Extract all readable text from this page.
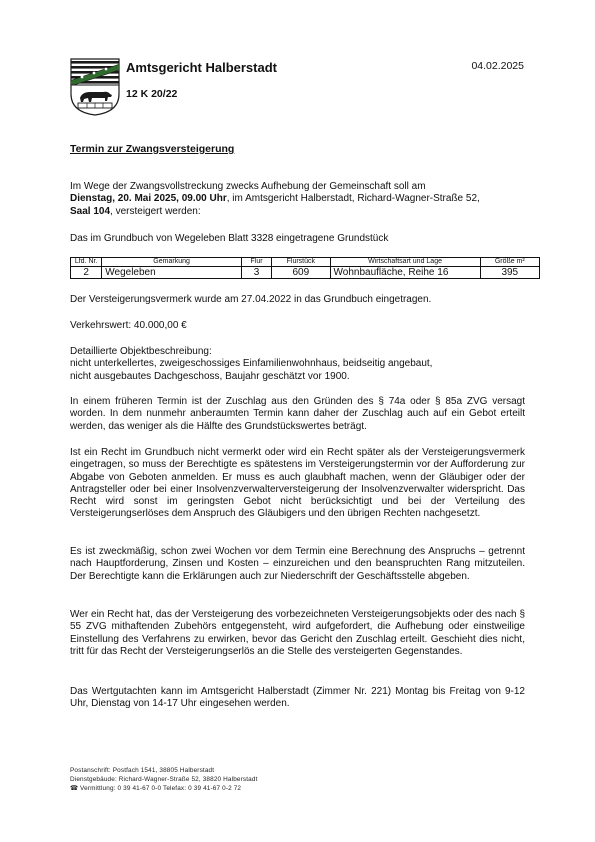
Amtsgericht Halberstadt
12 K 20/22
04.02.2025
Termin zur Zwangsversteigerung
Im Wege der Zwangsvollstreckung zwecks Aufhebung der Gemeinschaft soll am
Dienstag, 20. Mai 2025, 09.00 Uhr, im Amtsgericht Halberstadt, Richard-Wagner-Straße 52,
Saal 104, versteigert werden:
Das im Grundbuch von Wegeleben Blatt 3328 eingetragene Grundstück
Lfd. Nr.	Gemarkung	Flur	Flurstück	Wirtschaftsart und Lage	Größe m²
2	Wegeleben	3	609	Wohnbaufläche, Reihe 16	395
Der Versteigerungsvermerk wurde am 27.04.2022 in das Grundbuch eingetragen.
Verkehrswert: 40.000,00 €
Detaillierte Objektbeschreibung:
nicht unterkellertes, zweigeschossiges Einfamilienwohnhaus, beidseitig angebaut,
nicht ausgebautes Dachgeschoss, Baujahr geschätzt vor 1900.
In einem früheren Termin ist der Zuschlag aus den Gründen des § 74a oder § 85a ZVG versagt worden. In dem nunmehr anberaumten Termin kann daher der Zuschlag auch auf ein Gebot erteilt werden, das weniger als die Hälfte des Grundstückswertes beträgt.
Ist ein Recht im Grundbuch nicht vermerkt oder wird ein Recht später als der Versteigerungsvermerk eingetragen, so muss der Berechtigte es spätestens im Versteigerungstermin vor der Aufforderung zur Abgabe von Geboten anmelden. Er muss es auch glaubhaft machen, wenn der Gläubiger oder der Antragsteller oder bei einer Insolvenzverwalterversteigerung der Insolvenzverwalter widerspricht. Das Recht wird sonst im geringsten Gebot nicht berücksichtigt und bei der Verteilung des Versteigerungserlöses dem Anspruch des Gläubigers und den übrigen Rechten nachgesetzt.
Es ist zweckmäßig, schon zwei Wochen vor dem Termin eine Berechnung des Anspruchs – getrennt nach Hauptforderung, Zinsen und Kosten – einzureichen und den beanspruchten Rang mitzuteilen. Der Berechtigte kann die Erklärungen auch zur Niederschrift der Geschäftsstelle abgeben.
Wer ein Recht hat, das der Versteigerung des vorbezeichneten Versteigerungsobjekts oder des nach § 55 ZVG mithaftenden Zubehörs entgegensteht, wird aufgefordert, die Aufhebung oder einstweilige Einstellung des Verfahrens zu erwirken, bevor das Gericht den Zuschlag erteilt. Geschieht dies nicht, tritt für das Recht der Versteigerungserlös an die Stelle des versteigerten Gegenstandes.
Das Wertgutachten kann im Amtsgericht Halberstadt (Zimmer Nr. 221) Montag bis Freitag von 9-12 Uhr, Dienstag von 14-17 Uhr eingesehen werden.
Postanschrift: Postfach 1541, 38805 Halberstadt
Dienstgebäude: Richard-Wagner-Straße 52, 38820 Halberstadt
☎ Vermittlung: 0 39 41-67 0-0 Telefax: 0 39 41-67 0-2 72
